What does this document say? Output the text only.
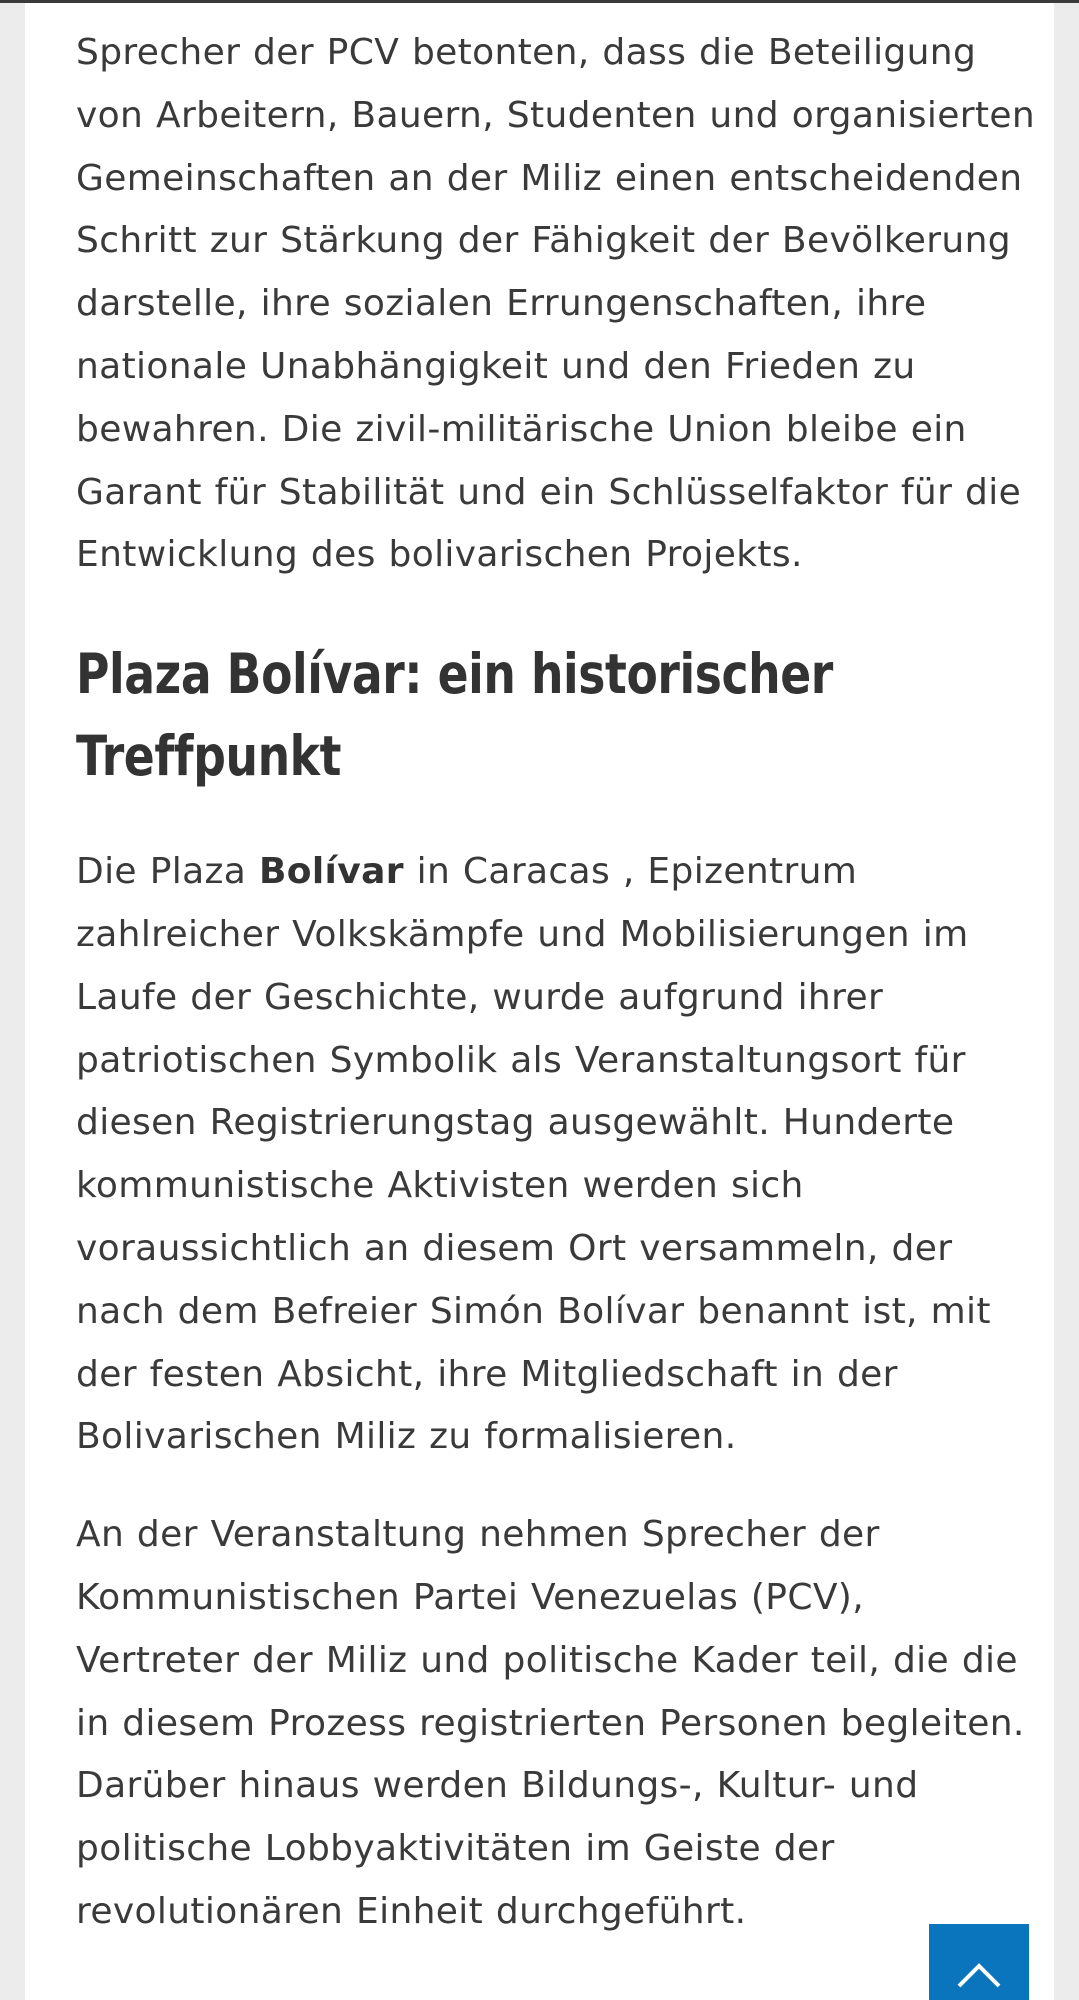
Sprecher der PCV betonten, dass die Beteiligung von Arbeitern, Bauern, Studenten und organisierten Gemeinschaften an der Miliz einen entscheidenden Schritt zur Stärkung der Fähigkeit der Bevölkerung darstelle, ihre sozialen Errungenschaften, ihre nationale Unabhängigkeit und den Frieden zu bewahren. Die zivil-militärische Union bleibe ein Garant für Stabilität und ein Schlüsselfaktor für die Entwicklung des bolivarischen Projekts.

Plaza Bolívar: ein historischer Treffpunkt

Die Plaza Bolívar in Caracas , Epizentrum zahlreicher Volkskämpfe und Mobilisierungen im Laufe der Geschichte, wurde aufgrund ihrer patriotischen Symbolik als Veranstaltungsort für diesen Registrierungstag ausgewählt. Hunderte kommunistische Aktivisten werden sich voraussichtlich an diesem Ort versammeln, der nach dem Befreier Simón Bolívar benannt ist, mit der festen Absicht, ihre Mitgliedschaft in der Bolivarischen Miliz zu formalisieren.

An der Veranstaltung nehmen Sprecher der Kommunistischen Partei Venezuelas (PCV), Vertreter der Miliz und politische Kader teil, die die in diesem Prozess registrierten Personen begleiten. Darüber hinaus werden Bildungs-, Kultur- und politische Lobbyaktivitäten im Geiste der revolutionären Einheit durchgeführt.
